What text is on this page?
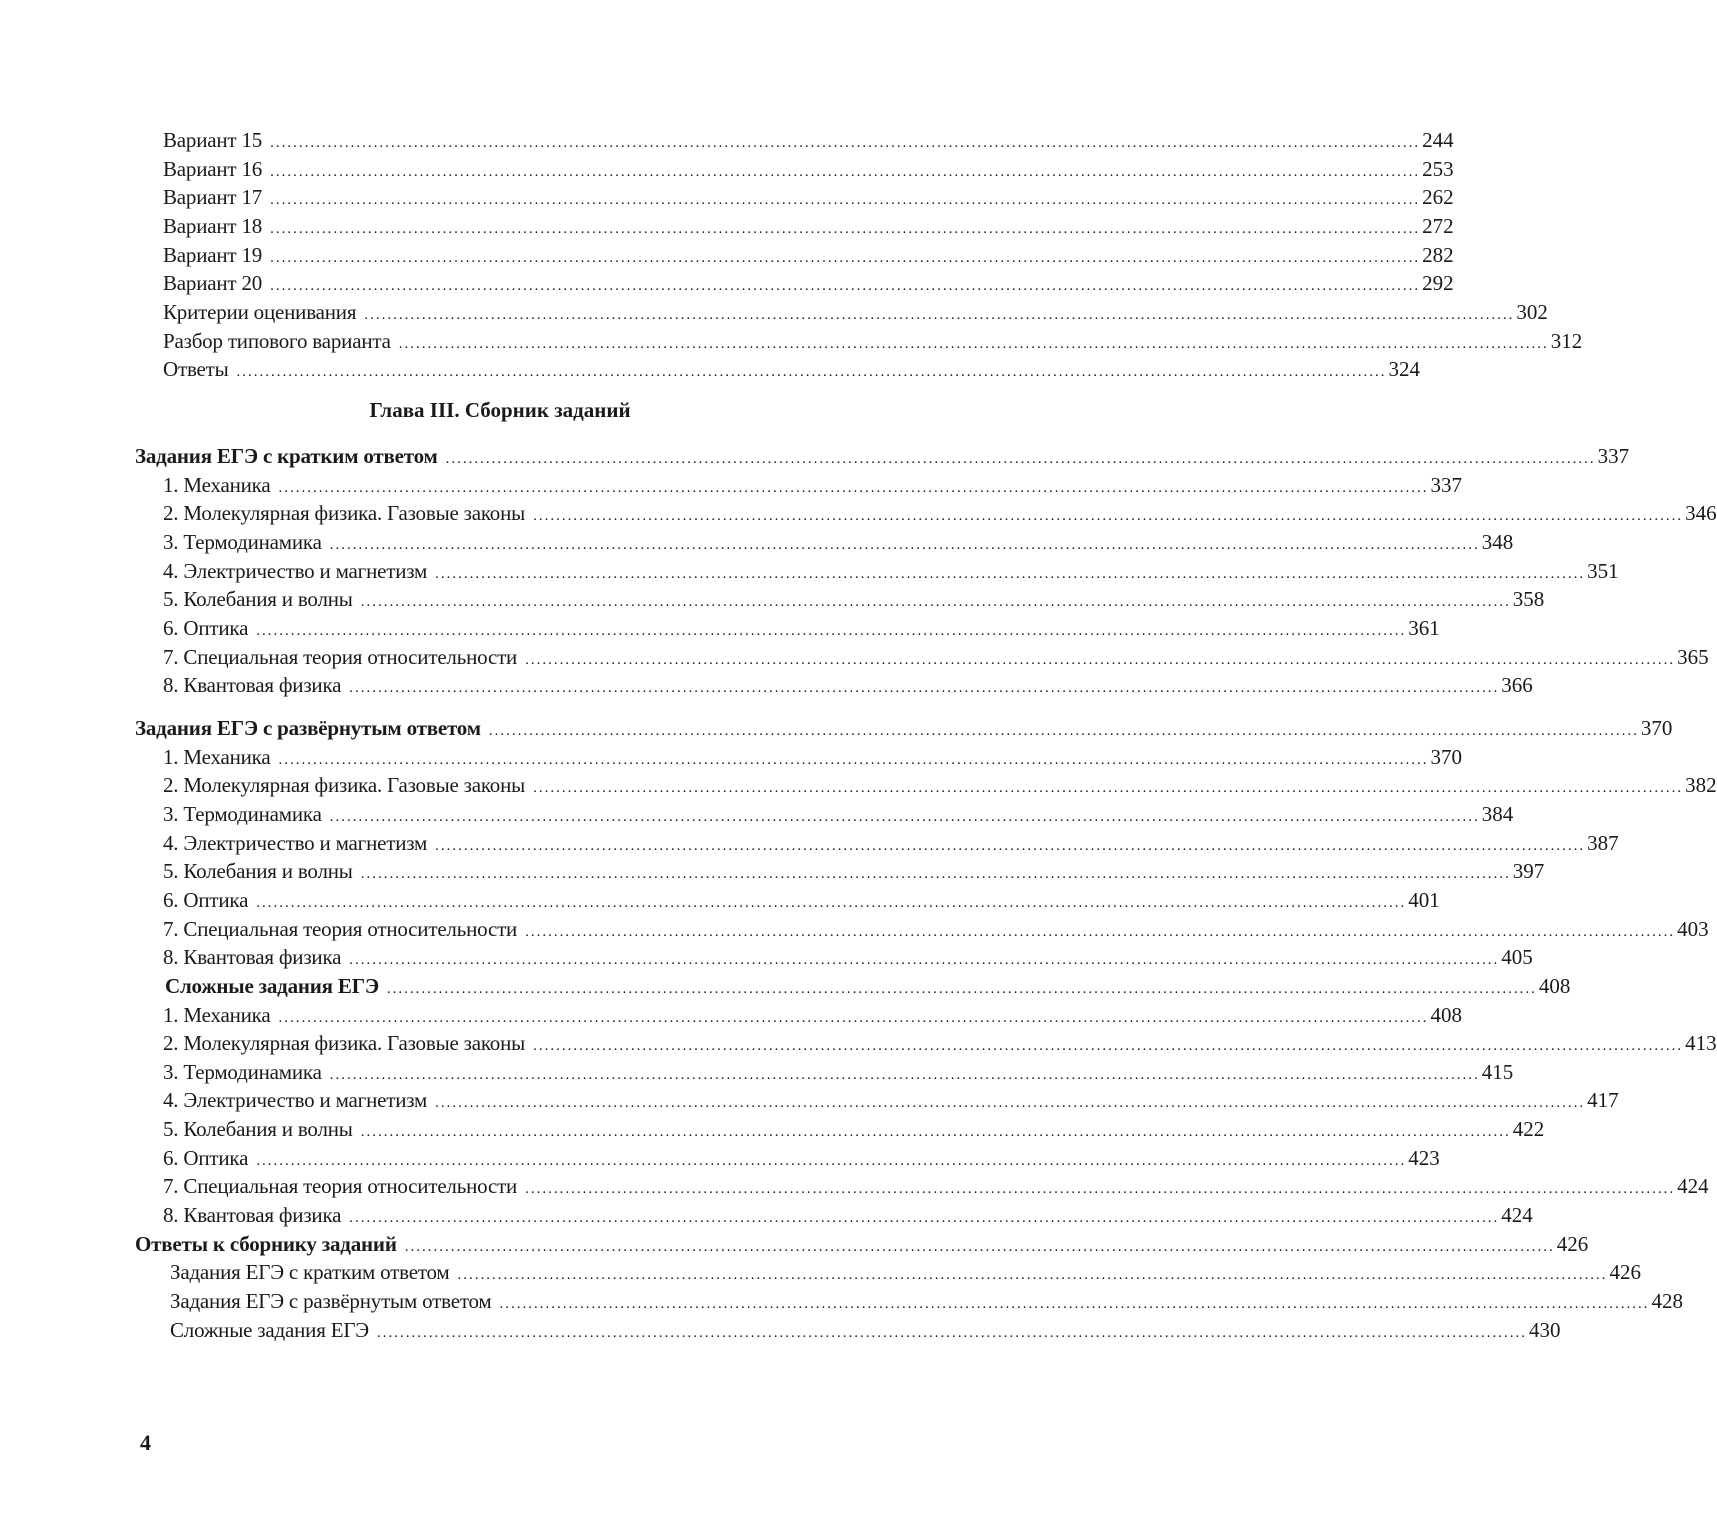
Вариант 15 ........................................................................................................................................................................................................ 244
Вариант 16 ........................................................................................................................................................................................................ 253
Вариант 17 ........................................................................................................................................................................................................ 262
Вариант 18 ........................................................................................................................................................................................................ 272
Вариант 19 ........................................................................................................................................................................................................ 282
Вариант 20 ........................................................................................................................................................................................................ 292
Критерии оценивания ........................................................................................................................................................................................................ 302
Разбор типового варианта ........................................................................................................................................................................................................ 312
Ответы ........................................................................................................................................................................................................ 324
Задания ЕГЭ с кратким ответом ........................................................................................................................................................................................................ 337
1. Механика ........................................................................................................................................................................................................ 337
2. Молекулярная физика. Газовые законы ........................................................................................................................................................................................................ 346
3. Термодинамика ........................................................................................................................................................................................................ 348
4. Электричество и магнетизм ........................................................................................................................................................................................................ 351
5. Колебания и волны ........................................................................................................................................................................................................ 358
6. Оптика ........................................................................................................................................................................................................ 361
7. Специальная теория относительности ........................................................................................................................................................................................................ 365
8. Квантовая физика ........................................................................................................................................................................................................ 366
Задания ЕГЭ с развёрнутым ответом ........................................................................................................................................................................................................ 370
1. Механика ........................................................................................................................................................................................................ 370
2. Молекулярная физика. Газовые законы ........................................................................................................................................................................................................ 382
3. Термодинамика ........................................................................................................................................................................................................ 384
4. Электричество и магнетизм ........................................................................................................................................................................................................ 387
5. Колебания и волны ........................................................................................................................................................................................................ 397
6. Оптика ........................................................................................................................................................................................................ 401
7. Специальная теория относительности ........................................................................................................................................................................................................ 403
8. Квантовая физика ........................................................................................................................................................................................................ 405
Сложные задания ЕГЭ ........................................................................................................................................................................................................ 408
1. Механика ........................................................................................................................................................................................................ 408
2. Молекулярная физика. Газовые законы ........................................................................................................................................................................................................ 413
3. Термодинамика ........................................................................................................................................................................................................ 415
4. Электричество и магнетизм ........................................................................................................................................................................................................ 417
5. Колебания и волны ........................................................................................................................................................................................................ 422
6. Оптика ........................................................................................................................................................................................................ 423
7. Специальная теория относительности ........................................................................................................................................................................................................ 424
8. Квантовая физика ........................................................................................................................................................................................................ 424
Ответы к сборнику заданий ........................................................................................................................................................................................................ 426
Задания ЕГЭ с кратким ответом ........................................................................................................................................................................................................ 426
Задания ЕГЭ с развёрнутым ответом ........................................................................................................................................................................................................ 428
Сложные задания ЕГЭ ........................................................................................................................................................................................................ 430
Глава III. Сборник заданий
4
